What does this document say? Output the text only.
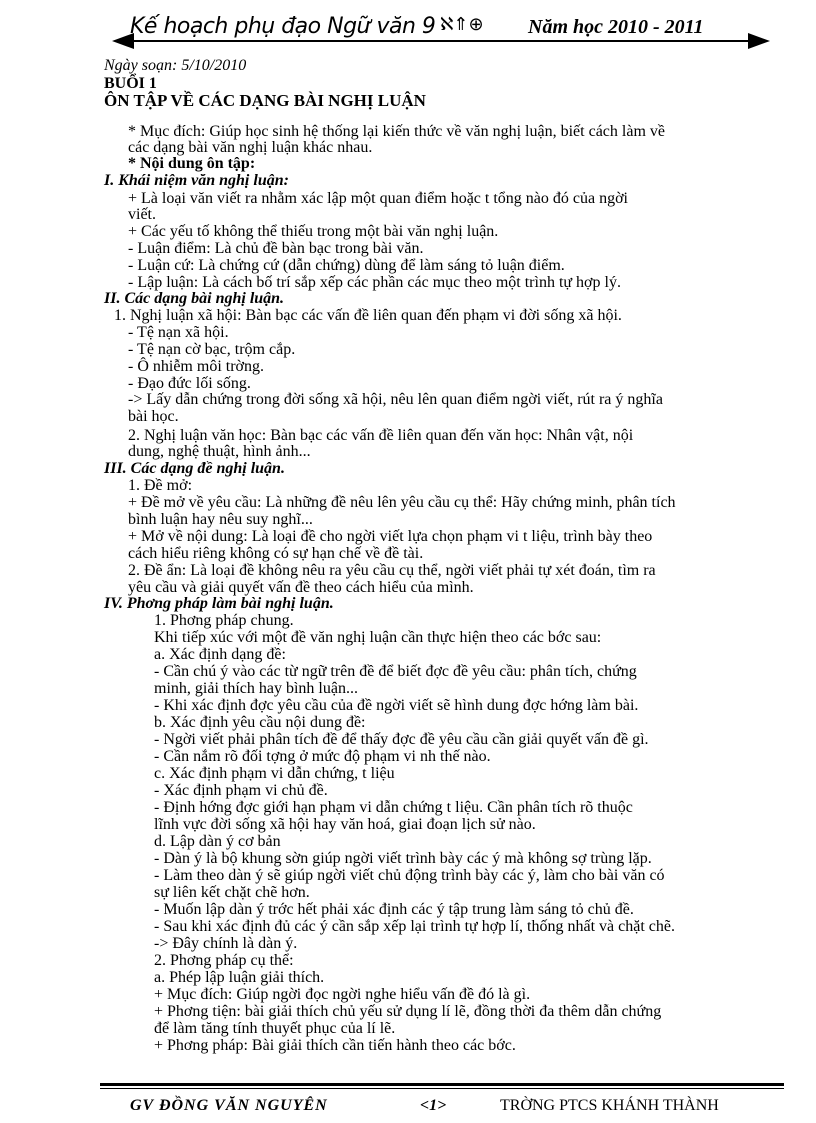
Kế hoạch phụ đạo Ngữ văn 9 ℵ⇑⊕ Năm học 2010 - 2011
Ngày soạn: 5/10/2010
BUỔI 1
ÔN TẬP VỀ CÁC DẠNG BÀI NGHỊ LUẬN
* Mục đích: Giúp học sinh hệ thống lại kiến thức về văn nghị luận, biết cách làm về
các dạng bài văn nghị luận khác nhau.
* Nội dung ôn tập:
I. Khái niệm văn nghị luận:
+ Là loại văn viết ra nhằm xác lập một quan điểm hoặc t tổng nào đó của ngời
viết.
+ Các yếu tố không thể thiếu trong một bài văn nghị luận.
- Luận điểm: Là chủ đề bàn bạc trong bài văn.
- Luận cứ: Là chứng cứ (dẫn chứng) dùng để làm sáng tỏ luận điểm.
- Lập luận: Là cách bố trí sắp xếp các phần các mục theo một trình tự hợp lý.
II. Các dạng bài nghị luận.
1. Nghị luận xã hội: Bàn bạc các vấn đề liên quan đến phạm vi đời sống xã hội.
- Tệ nạn xã hội.
- Tệ nạn cờ bạc, trộm cắp.
- Ô nhiễm môi trờng.
- Đạo đức lối sống.
-> Lấy dẫn chứng trong đời sống xã hội, nêu lên quan điểm ngời viết, rút ra ý nghĩa
bài học.
2. Nghị luận văn học: Bàn bạc các vấn đề liên quan đến văn học: Nhân vật, nội
dung, nghệ thuật, hình ảnh...
III. Các dạng đề nghị luận.
1. Đề mở:
+ Đề mở về yêu cầu: Là những đề nêu lên yêu cầu cụ thể: Hãy chứng minh, phân tích
bình luận hay nêu suy nghĩ...
+ Mở về nội dung: Là loại đề cho ngời viết lựa chọn phạm vi t liệu, trình bày theo
cách hiểu riêng không có sự hạn chế về đề tài.
2. Đề ẩn: Là loại đề không nêu ra yêu cầu cụ thể, ngời viết phải tự xét đoán, tìm ra
yêu cầu và giải quyết vấn đề theo cách hiểu của mình.
IV. Phơng pháp làm bài nghị luận.
1. Phơng pháp chung.
Khi tiếp xúc với một đề văn nghị luận cần thực hiện theo các bớc sau:
a. Xác định dạng đề:
- Cần chú ý vào các từ ngữ trên đề để biết đợc đề yêu cầu: phân tích, chứng
minh, giải thích hay bình luận...
- Khi xác định đợc yêu cầu của đề ngời viết sẽ hình dung đợc hớng làm bài.
b. Xác định yêu cầu nội dung đề:
- Ngời viết phải phân tích đề để thấy đợc đề yêu cầu cần giải quyết vấn đề gì.
- Cần nắm rõ đối tợng ở mức độ phạm vi nh thế nào.
c. Xác định phạm vi dẫn chứng, t liệu
- Xác định phạm vi chủ đề.
- Định hớng đợc giới hạn phạm vi dẫn chứng t liệu. Cần phân tích rõ thuộc
lĩnh vực đời sống xã hội hay văn hoá, giai đoạn lịch sử nào.
d. Lập dàn ý cơ bản
- Dàn ý là bộ khung sờn giúp ngời viết trình bày các ý mà không sợ trùng lặp.
- Làm theo dàn ý sẽ giúp ngời viết chủ động trình bày các ý, làm cho bài văn có
sự liên kết chặt chẽ hơn.
- Muốn lập dàn ý trớc hết phải xác định các ý tập trung làm sáng tỏ chủ đề.
- Sau khi xác định đủ các ý cần sắp xếp lại trình tự hợp lí, thống nhất và chặt chẽ.
-> Đây chính là dàn ý.
2. Phơng pháp cụ thể:
a. Phép lập luận giải thích.
+ Mục đích: Giúp ngời đọc ngời nghe hiểu vấn đề đó là gì.
+ Phơng tiện: bài giải thích chủ yếu sử dụng lí lẽ, đồng thời đa thêm dẫn chứng
để làm tăng tính thuyết phục của lí lẽ.
+ Phơng pháp: Bài giải thích cần tiến hành theo các bớc.
GV ĐỒNG VĂN NGUYÊN	<1>	TRỜNG PTCS KHÁNH THÀNH
